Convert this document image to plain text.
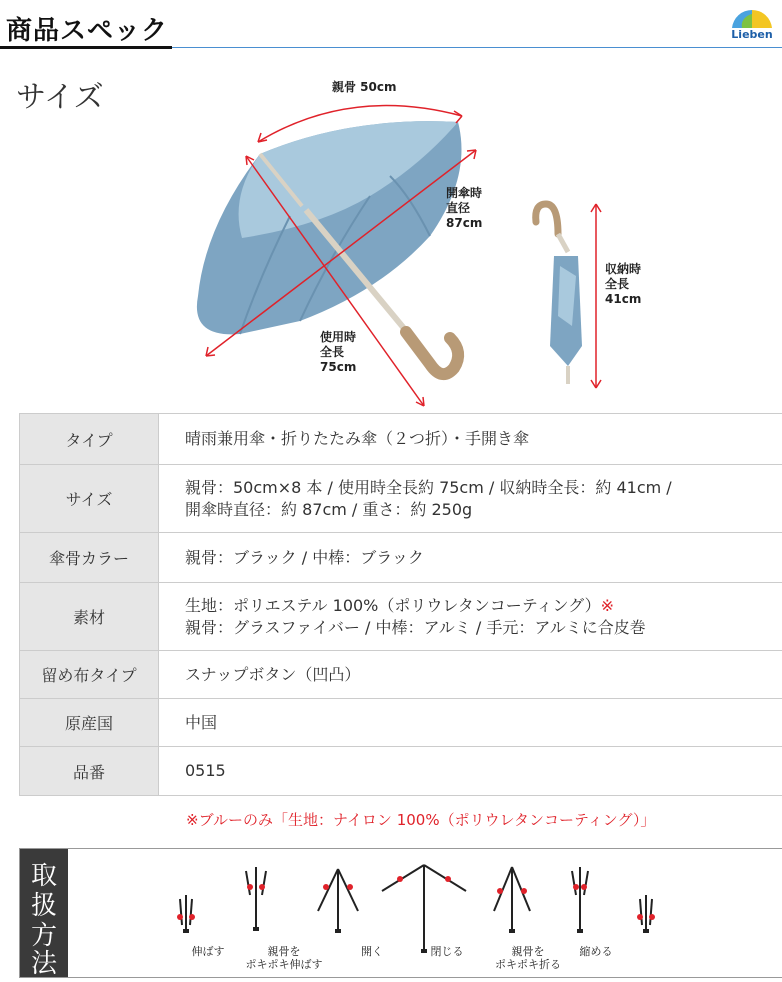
商品スペック	Lieben
サイズ	親骨 50cm
開傘時
直径
87cm
使用時
全長
75cm
収納時
全長
41cm
タイプ	晴雨兼用傘・折りたたみ傘（２つ折）・手開き傘
サイズ	親骨：50cm×8 本 / 使用時全長約 75cm / 収納時全長：約 41cm /
開傘時直径：約 87cm / 重さ：約 250g

傘骨カラー	親骨：ブラック / 中棒：ブラック
素材	生地：ポリエステル 100%（ポリウレタンコーティング）※
親骨：グラスファイバー / 中棒：アルミ / 手元：アルミに合皮巻

留め布タイプ	スナップボタン（凹凸）
原産国	中国
品番	0515
※ブルーのみ「生地：ナイロン 100%（ポリウレタンコーティング）」
取
扱
方
法	伸ばす	親骨を
ポキポキ伸ばす
開く	閉じる	親骨を
ポキポキ折る
縮める
